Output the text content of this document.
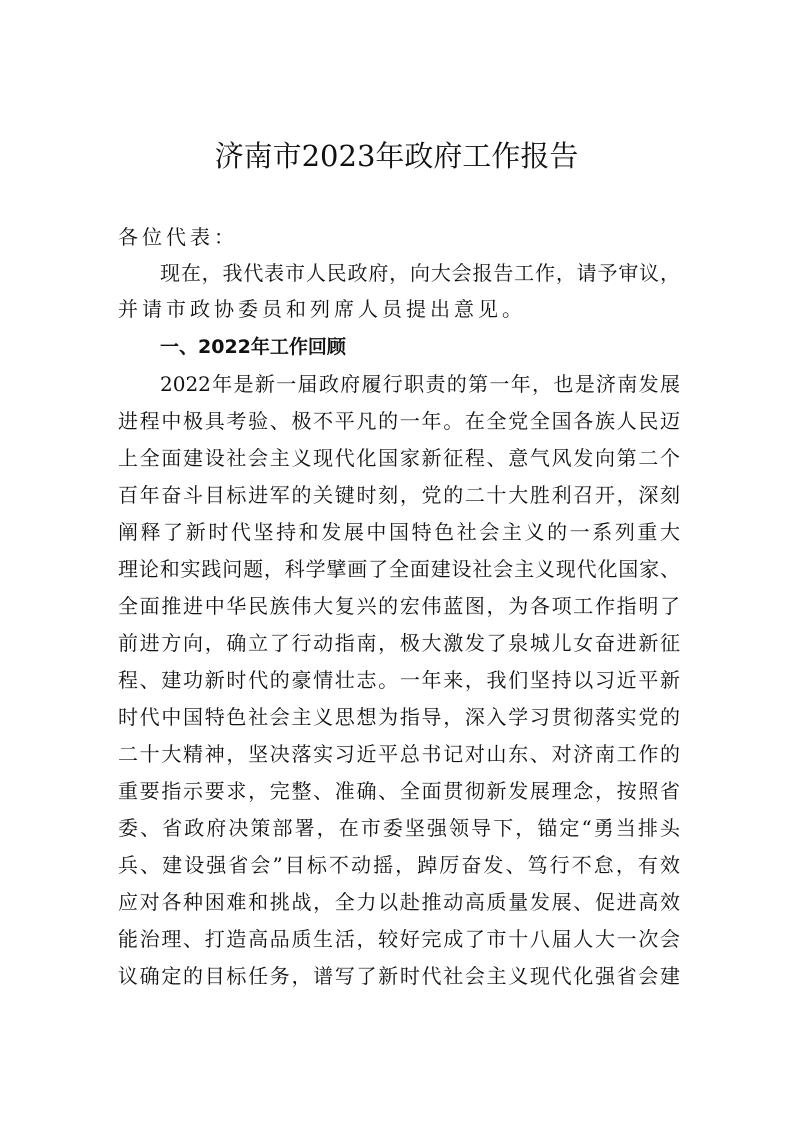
济南市2023年政府工作报告
各位代表：
现在，我代表市人民政府，向大会报告工作，请予审议，
并请市政协委员和列席人员提出意见。
一、2022年工作回顾
2022年是新一届政府履行职责的第一年，也是济南发展
进程中极具考验、极不平凡的一年。在全党全国各族人民迈
上全面建设社会主义现代化国家新征程、意气风发向第二个
百年奋斗目标进军的关键时刻，党的二十大胜利召开，深刻
阐释了新时代坚持和发展中国特色社会主义的一系列重大
理论和实践问题，科学擘画了全面建设社会主义现代化国家、
全面推进中华民族伟大复兴的宏伟蓝图，为各项工作指明了
前进方向，确立了行动指南，极大激发了泉城儿女奋进新征
程、建功新时代的豪情壮志。一年来，我们坚持以习近平新
时代中国特色社会主义思想为指导，深入学习贯彻落实党的
二十大精神，坚决落实习近平总书记对山东、对济南工作的
重要指示要求，完整、准确、全面贯彻新发展理念，按照省
委、省政府决策部署，在市委坚强领导下，锚定“勇当排头
兵、建设强省会”目标不动摇，踔厉奋发、笃行不怠，有效
应对各种困难和挑战，全力以赴推动高质量发展、促进高效
能治理、打造高品质生活，较好完成了市十八届人大一次会
议确定的目标任务，谱写了新时代社会主义现代化强省会建
